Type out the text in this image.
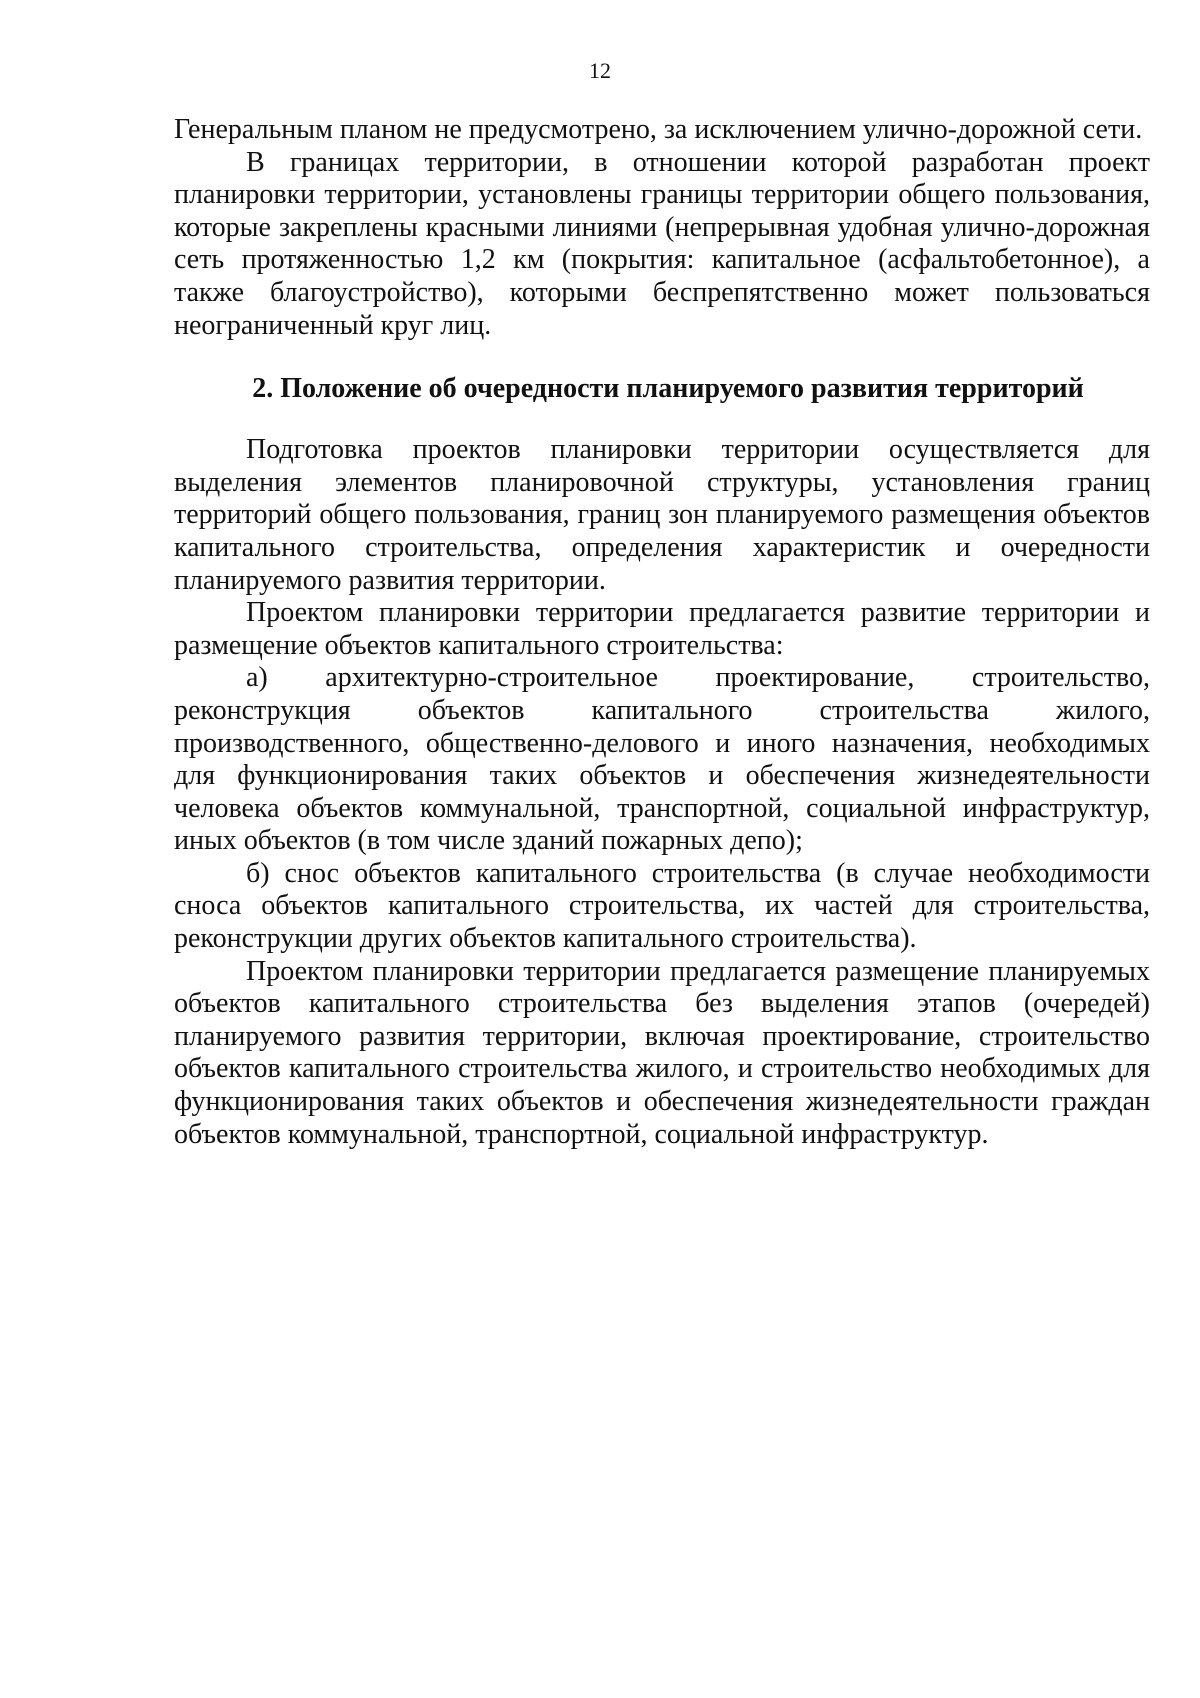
12

Генеральным планом не предусмотрено, за исключением улично-дорожной сети.

В границах территории, в отношении которой разработан проект планировки территории, установлены границы территории общего пользования, которые закреплены красными линиями (непрерывная удобная улично-дорожная сеть протяженностью 1,2 км (покрытия: капитальное (асфальтобетонное), а также благоустройство), которыми беспрепятственно может пользоваться неограниченный круг лиц.

2. Положение об очередности планируемого развития территорий

Подготовка проектов планировки территории осуществляется для выделения элементов планировочной структуры, установления границ территорий общего пользования, границ зон планируемого размещения объектов капитального строительства, определения характеристик и очередности планируемого развития территории.

Проектом планировки территории предлагается развитие территории и размещение объектов капитального строительства:

а) архитектурно-строительное проектирование, строительство, реконструкция объектов капитального строительства жилого, производственного, общественно-делового и иного назначения, необходимых для функционирования таких объектов и обеспечения жизнедеятельности человека объектов коммунальной, транспортной, социальной инфраструктур, иных объектов (в том числе зданий пожарных депо);

б) снос объектов капитального строительства (в случае необходимости сноса объектов капитального строительства, их частей для строительства, реконструкции других объектов капитального строительства).

Проектом планировки территории предлагается размещение планируемых объектов капитального строительства без выделения этапов (очередей) планируемого развития территории, включая проектирование, строительство объектов капитального строительства жилого, и строительство необходимых для функционирования таких объектов и обеспечения жизнедеятельности граждан объектов коммунальной, транспортной, социальной инфраструктур.
